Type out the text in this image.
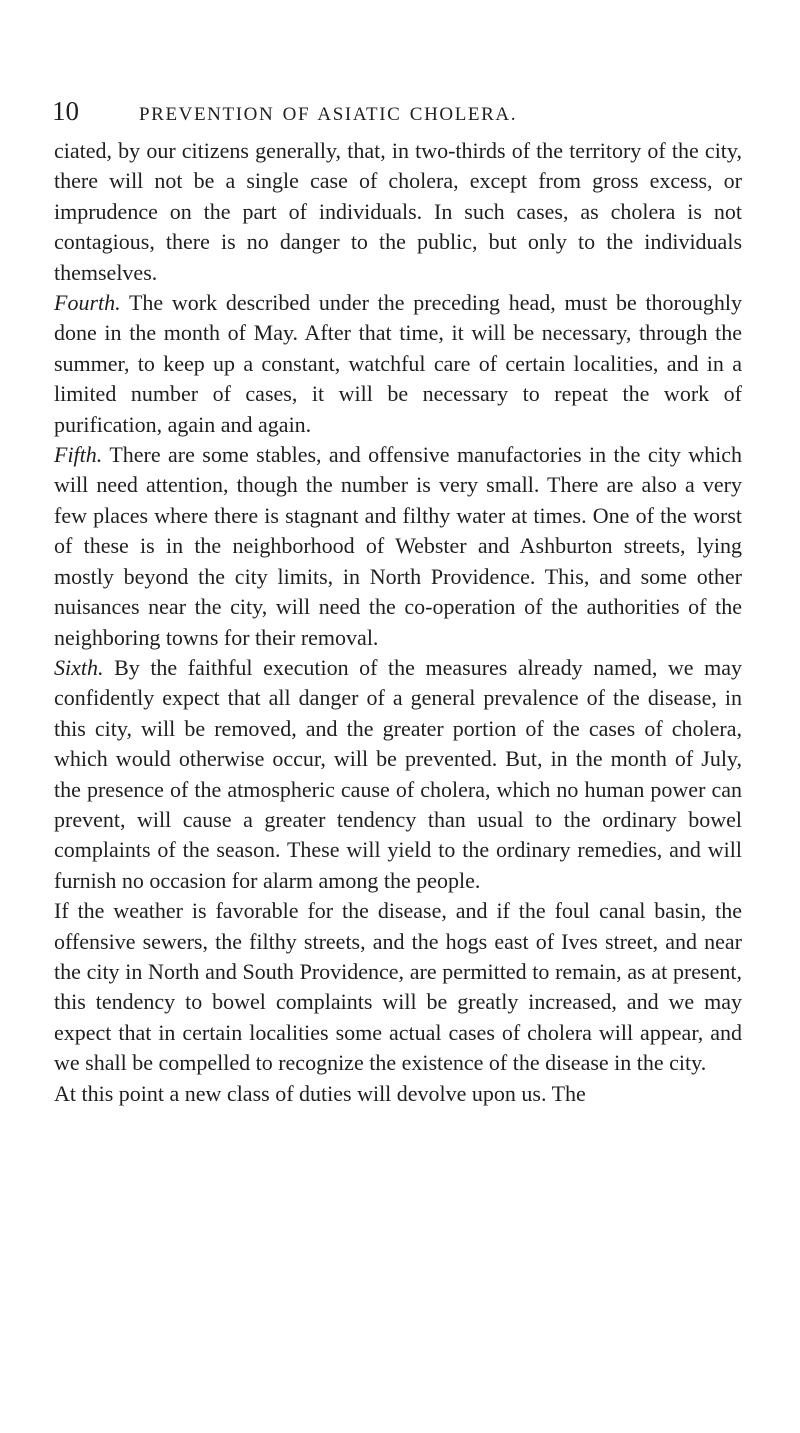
10	PREVENTION OF ASIATIC CHOLERA.

ciated, by our citizens generally, that, in two-thirds of the territory of the city, there will not be a single case of cholera, except from gross excess, or imprudence on the part of individuals. In such cases, as cholera is not contagious, there is no danger to the public, but only to the individuals themselves.

Fourth. The work described under the preceding head, must be thoroughly done in the month of May. After that time, it will be necessary, through the summer, to keep up a constant, watchful care of certain localities, and in a limited number of cases, it will be necessary to repeat the work of purification, again and again.

Fifth. There are some stables, and offensive manufactories in the city which will need attention, though the number is very small. There are also a very few places where there is stagnant and filthy water at times. One of the worst of these is in the neighborhood of Webster and Ashburton streets, lying mostly beyond the city limits, in North Providence. This, and some other nuisances near the city, will need the co-operation of the authorities of the neighboring towns for their removal.

Sixth. By the faithful execution of the measures already named, we may confidently expect that all danger of a general prevalence of the disease, in this city, will be removed, and the greater portion of the cases of cholera, which would otherwise occur, will be prevented. But, in the month of July, the presence of the atmospheric cause of cholera, which no human power can prevent, will cause a greater tendency than usual to the ordinary bowel complaints of the season. These will yield to the ordinary remedies, and will furnish no occasion for alarm among the people.

If the weather is favorable for the disease, and if the foul canal basin, the offensive sewers, the filthy streets, and the hogs east of Ives street, and near the city in North and South Providence, are permitted to remain, as at present, this tendency to bowel complaints will be greatly increased, and we may expect that in certain localities some actual cases of cholera will appear, and we shall be compelled to recognize the existence of the disease in the city.

At this point a new class of duties will devolve upon us. The
